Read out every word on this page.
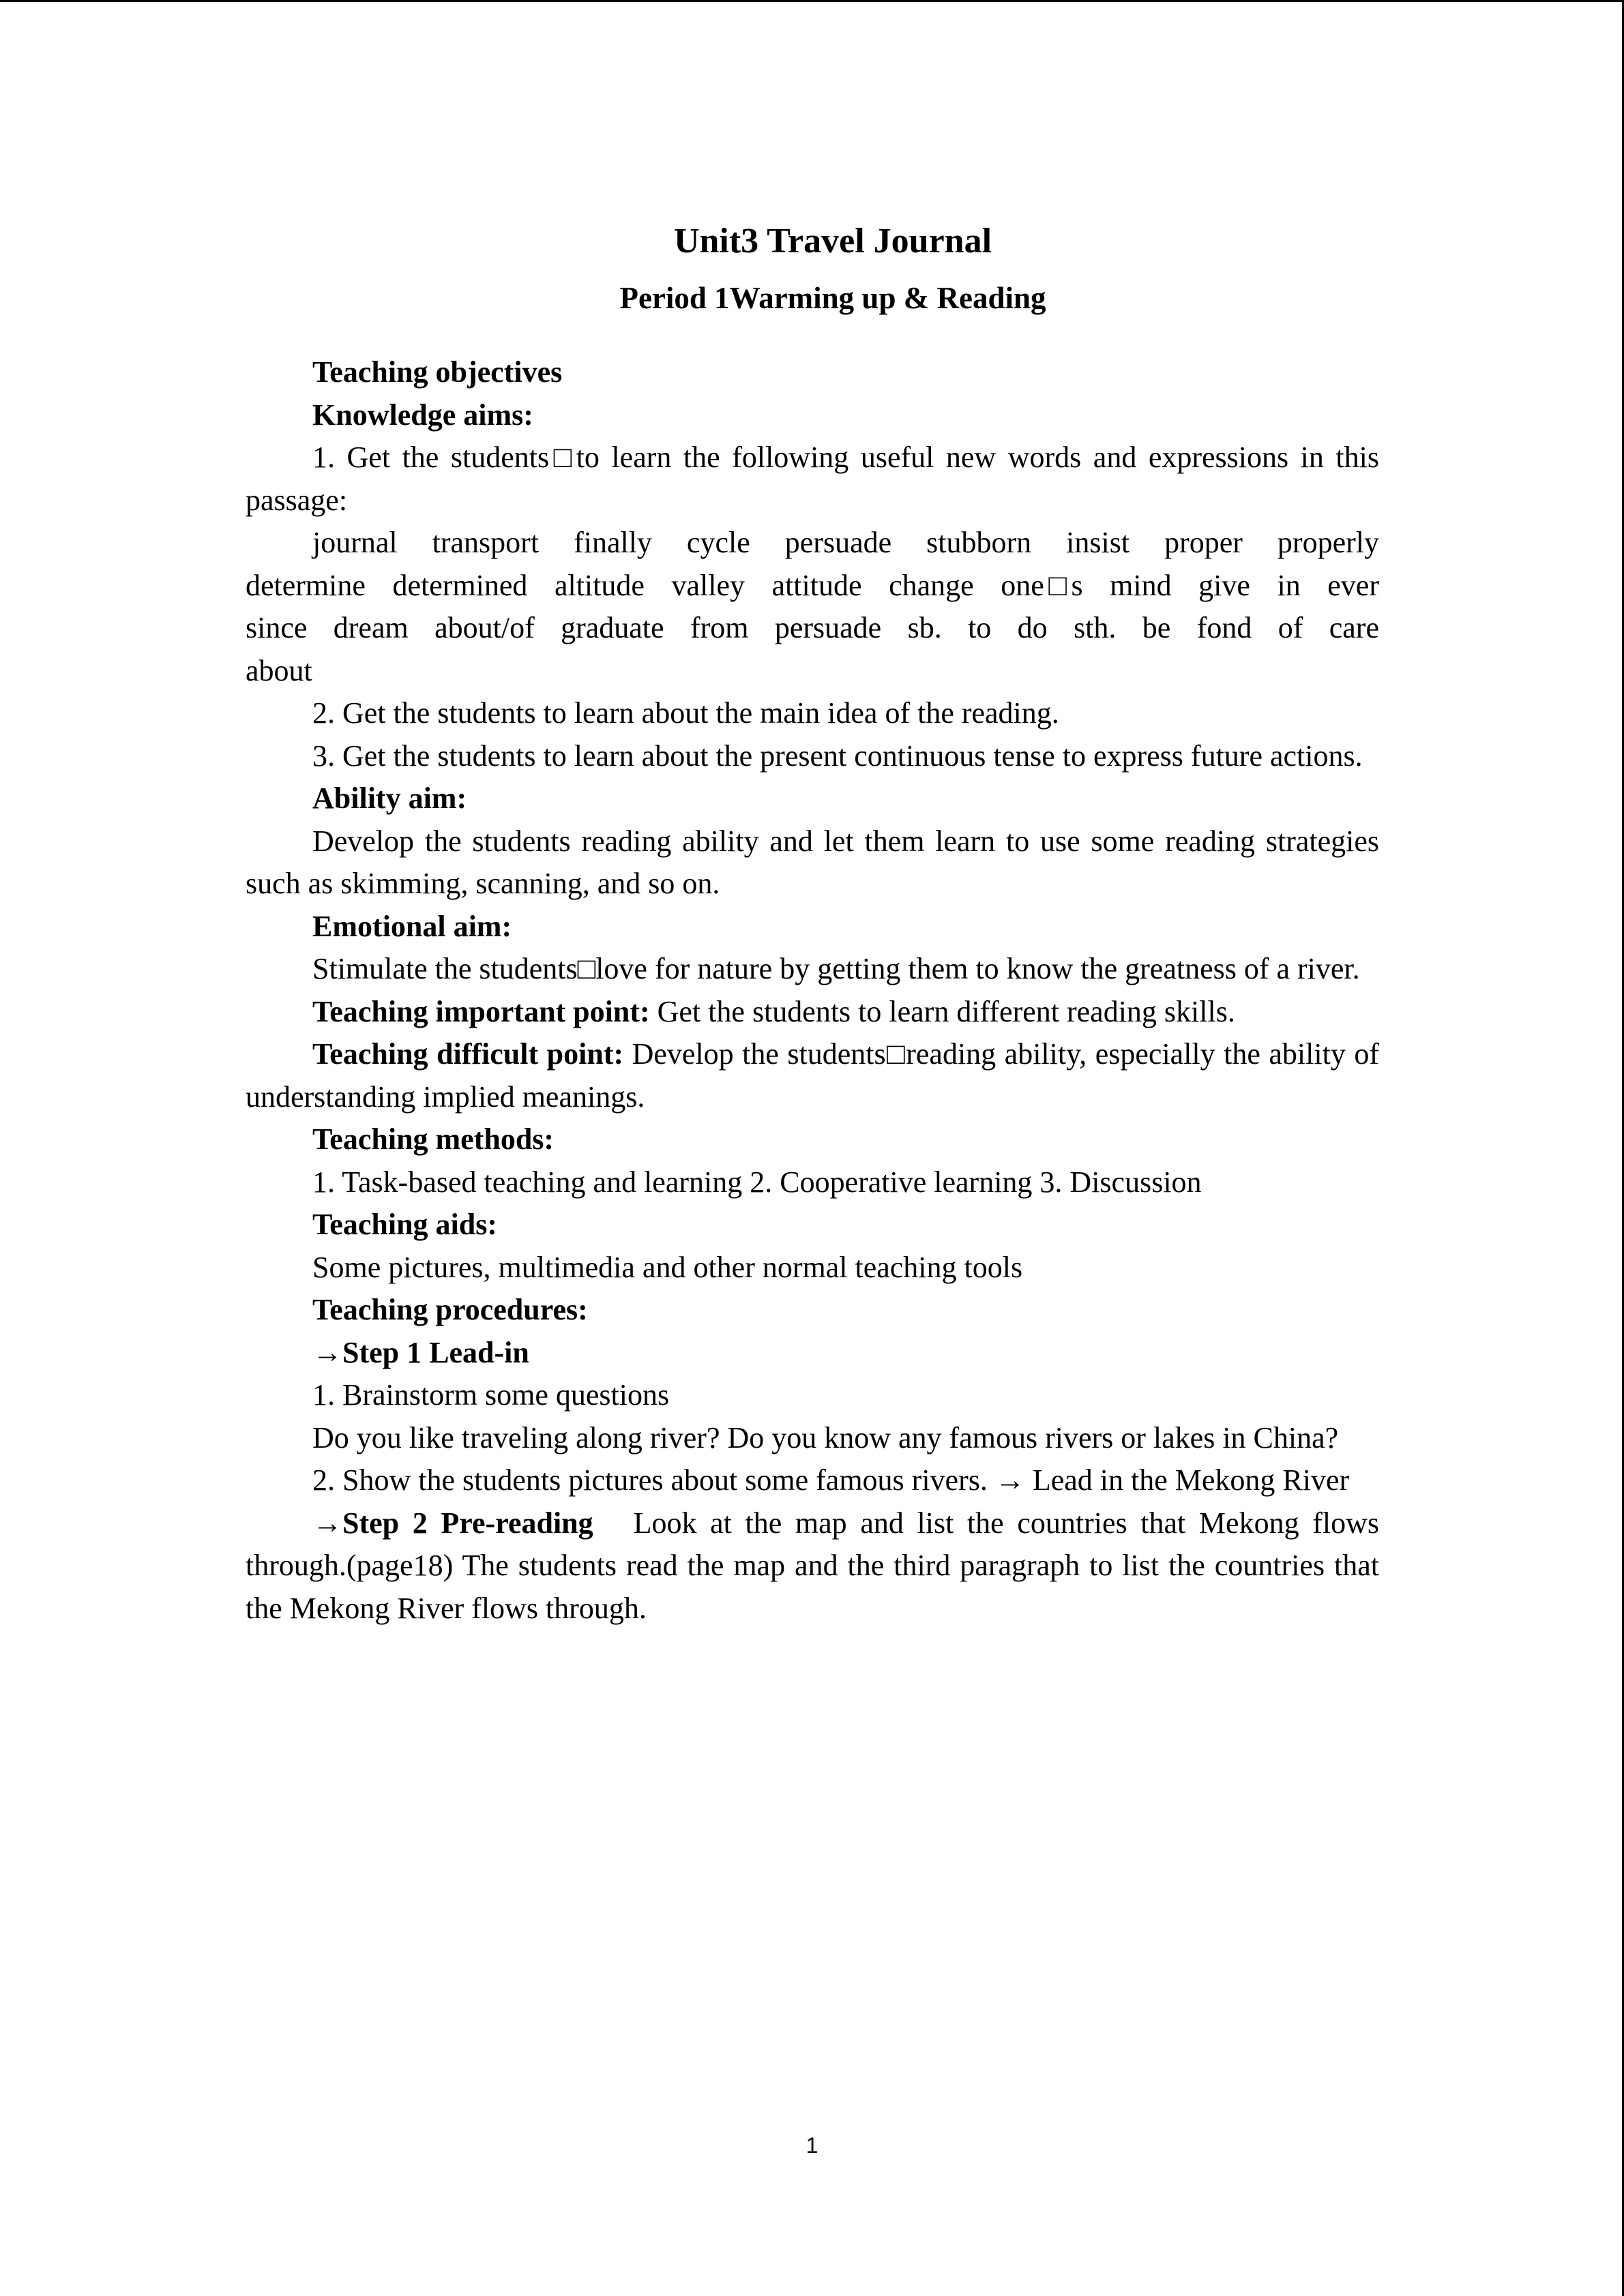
Unit3 Travel Journal
Period 1Warming up & Reading

Teaching objectives

Knowledge aims:

1. Get the students□to learn the following useful new words and expressions in this passage:

journal transport finally cycle persuade stubborn insist proper properly determine determined altitude valley attitude change one□s mind give in ever since dream about/of graduate from persuade sb. to do sth. be fond of care about

2. Get the students to learn about the main idea of the reading.

3. Get the students to learn about the present continuous tense to express future actions.

Ability aim:

Develop the students reading ability and let them learn to use some reading strategies such as skimming, scanning, and so on.

Emotional aim:

Stimulate the students□love for nature by getting them to know the greatness of a river.

Teaching important point: Get the students to learn different reading skills.

Teaching difficult point: Develop the students□reading ability, especially the ability of understanding implied meanings.

Teaching methods:

1. Task-based teaching and learning 2. Cooperative learning 3. Discussion

Teaching aids:

Some pictures, multimedia and other normal teaching tools

Teaching procedures:

→Step 1 Lead-in

1. Brainstorm some questions

Do you like traveling along river? Do you know any famous rivers or lakes in China?

2. Show the students pictures about some famous rivers. → Lead in the Mekong River

→Step 2 Pre-reading   Look at the map and list the countries that Mekong flows through.(page18) The students read the map and the third paragraph to list the countries that the Mekong River flows through.

1
